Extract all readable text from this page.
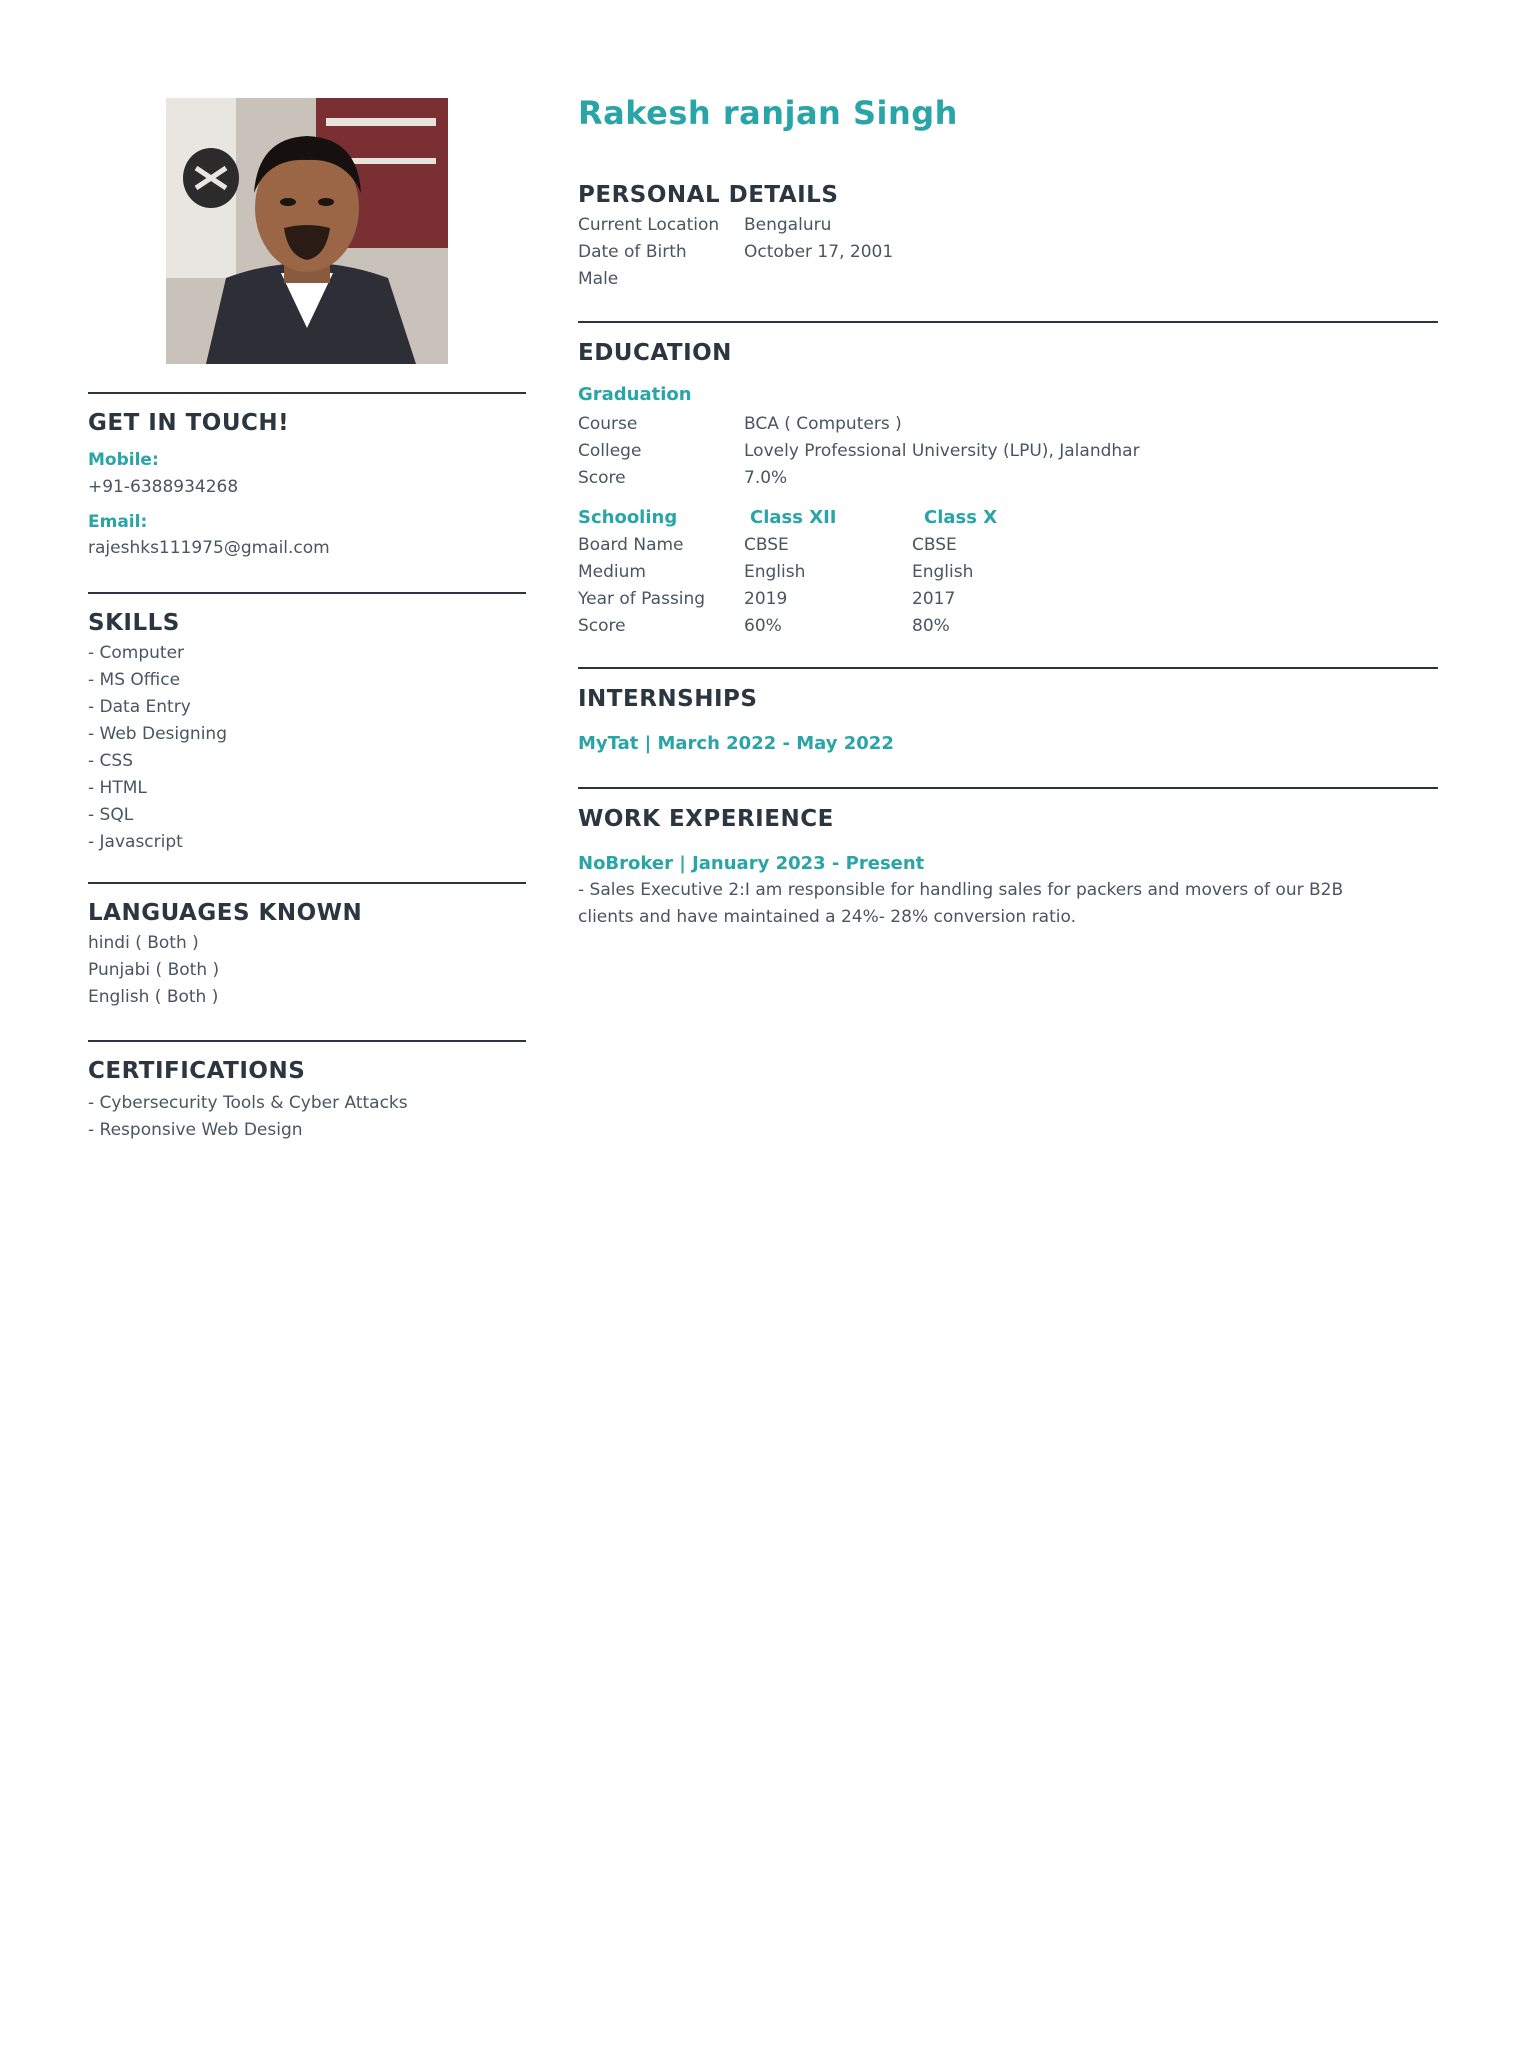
Rakesh ranjan Singh
GET IN TOUCH!
Mobile:
+91-6388934268
Email:
rajeshks111975@gmail.com
SKILLS
- Computer
- MS Office
- Data Entry
- Web Designing
- CSS
- HTML
- SQL
- Javascript
LANGUAGES KNOWN
hindi ( Both )
Punjabi ( Both )
English ( Both )
CERTIFICATIONS
- Cybersecurity Tools & Cyber Attacks
- Responsive Web Design
PERSONAL DETAILS
Current Location Bengaluru
Date of Birth	October 17, 2001
Male
EDUCATION
Graduation
Course	BCA ( Computers )
College	Lovely Professional University (LPU), Jalandhar
Score	7.0%
Schooling	Class XII	Class X
Board Name	CBSE	CBSE
Medium	English	English
Year of Passing 2019	2017
Score	60%	80%
INTERNSHIPS
MyTat | March 2022 - May 2022
WORK EXPERIENCE
NoBroker | January 2023 - Present
- Sales Executive 2:I am responsible for handling sales for packers and movers of our B2B
clients and have maintained a 24%- 28% conversion ratio.
